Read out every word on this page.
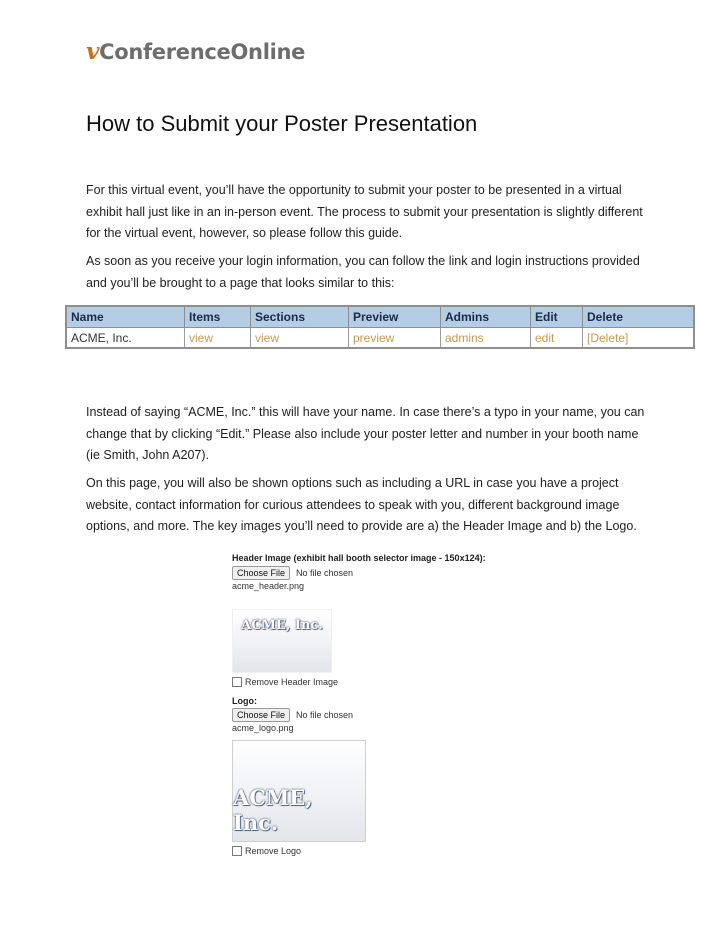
vConferenceOnline
How to Submit your Poster Presentation

For this virtual event, you’ll have the opportunity to submit your poster to be presented in a virtual exhibit hall just like in an in-person event. The process to submit your presentation is slightly different for the virtual event, however, so please follow this guide.

As soon as you receive your login information, you can follow the link and login instructions provided and you’ll be brought to a page that looks similar to this:

Name	Items	Sections	Preview	Admins	Edit	Delete
ACME, Inc.	view	view	preview	admins	edit	[Delete]

Instead of saying “ACME, Inc.” this will have your name. In case there’s a typo in your name, you can change that by clicking “Edit.” Please also include your poster letter and number in your booth name (ie Smith, John A207).

On this page, you will also be shown options such as including a URL in case you have a project website, contact information for curious attendees to speak with you, different background image options, and more. The key images you’ll need to provide are a) the Header Image and b) the Logo.

Header Image (exhibit hall booth selector image - 150x124):
Choose File	No file chosen
acme_header.png
ACME, Inc.
Remove Header Image
Logo:
Choose File	No file chosen
acme_logo.png
ACME, Inc.
Remove Logo
